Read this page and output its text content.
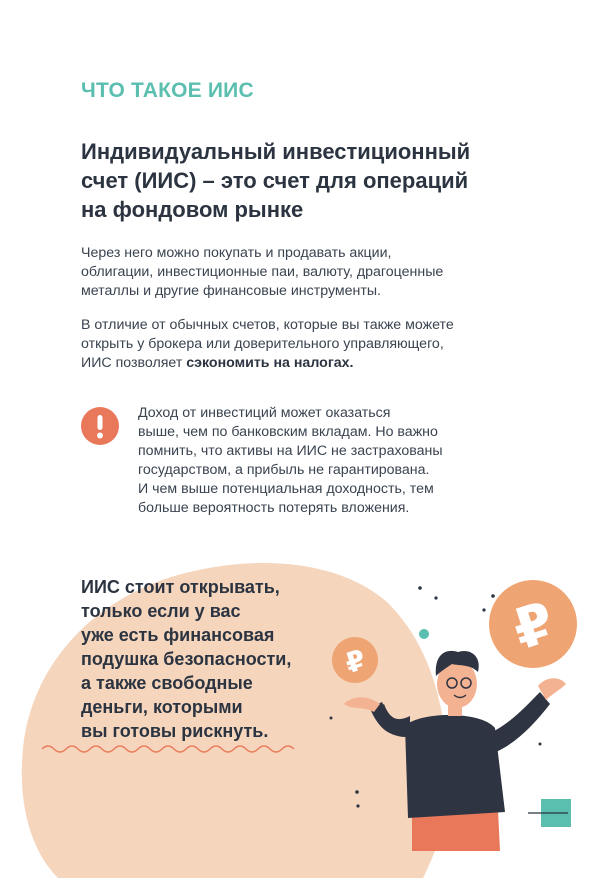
ЧТО ТАКОЕ ИИС
Индивидуальный инвестиционный
счет (ИИС) – это счет для операций
на фондовом рынке
Через него можно покупать и продавать акции,
облигации, инвестиционные паи, валюту, драгоценные
металлы и другие финансовые инструменты.
В отличие от обычных счетов, которые вы также можете
открыть у брокера или доверительного управляющего,
ИИС позволяет сэкономить на налогах.
Доход от инвестиций может оказаться
выше, чем по банковским вкладам. Но важно
помнить, что активы на ИИС не застрахованы
государством, а прибыль не гарантирована.
И чем выше потенциальная доходность, тем
больше вероятность потерять вложения.
ИИС стоит открывать,
только если у вас
уже есть финансовая
подушка безопасности,
а также свободные
деньги, которыми
вы готовы рискнуть.
₽
₽
